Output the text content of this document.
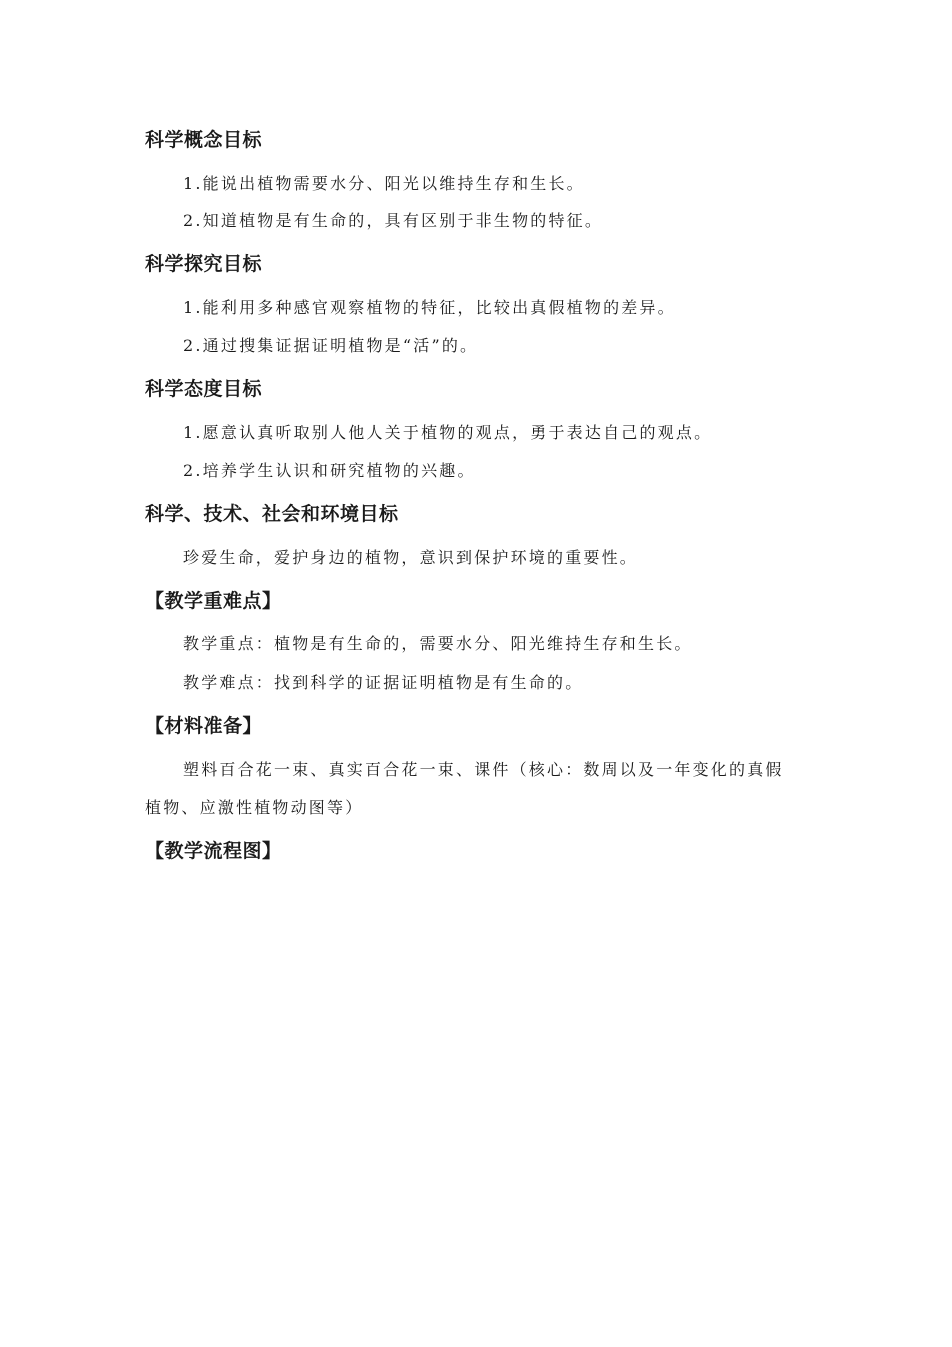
科学概念目标
1.能说出植物需要水分、阳光以维持生存和生长。
2.知道植物是有生命的，具有区别于非生物的特征。
科学探究目标
1.能利用多种感官观察植物的特征，比较出真假植物的差异。
2.通过搜集证据证明植物是“活”的。
科学态度目标
1.愿意认真听取别人他人关于植物的观点，勇于表达自己的观点。
2.培养学生认识和研究植物的兴趣。
科学、技术、社会和环境目标
珍爱生命，爱护身边的植物，意识到保护环境的重要性。
【教学重难点】
教学重点：植物是有生命的，需要水分、阳光维持生存和生长。
教学难点：找到科学的证据证明植物是有生命的。
【材料准备】
塑料百合花一束、真实百合花一束、课件（核心：数周以及一年变化的真假
植物、应激性植物动图等）
【教学流程图】
